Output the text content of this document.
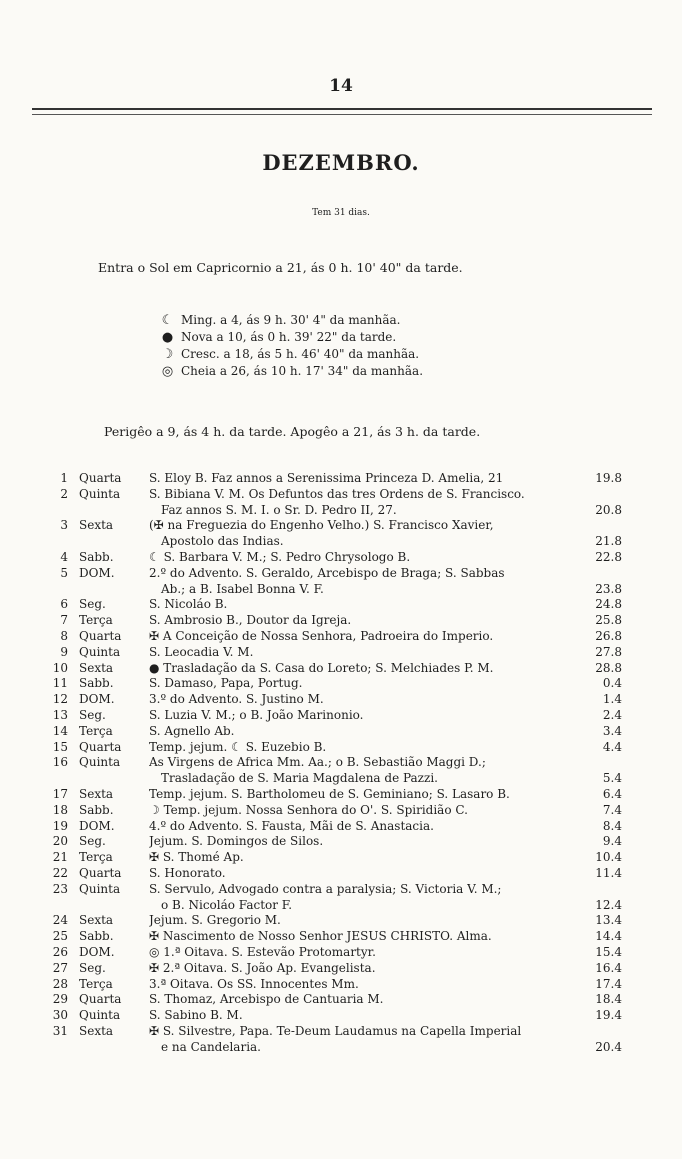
14
DEZEMBRO.
Tem 31 dias.
Entra o Sol em Capricornio a 21, ás 0 h. 10' 40" da tarde.
☾ Ming. a 4, ás 9 h. 30' 4" da manhãa.
● Nova a 10, ás 0 h. 39' 22" da tarde.
☽ Cresc. a 18, ás 5 h. 46' 40" da manhãa.
◎ Cheia a 26, ás 10 h. 17' 34" da manhãa.
Perigêo a 9, ás 4 h. da tarde. Apogêo a 21, ás 3 h. da tarde.
1 Quarta	S. Eloy B. Faz annos a Serenissima Princeza D. Amelia, 21	19.8
2 Quinta	S. Bibiana V. M. Os Defuntos das tres Ordens de S. Francisco.
Faz annos S. M. I. o Sr. D. Pedro II, 27.	20.8
3 Sexta	(✠ na Freguezia do Engenho Velho.) S. Francisco Xavier,
Apostolo das Indias.	21.8
4 Sabb.	☾ S. Barbara V. M.; S. Pedro Chrysologo B.	22.8
5 DOM.	2.º do Advento. S. Geraldo, Arcebispo de Braga; S. Sabbas
Ab.; a B. Isabel Bonna V. F.	23.8
6 Seg.	S. Nicoláo B.	24.8
7 Terça	S. Ambrosio B., Doutor da Igreja.	25.8
8 Quarta	✠ A Conceição de Nossa Senhora, Padroeira do Imperio.	26.8
9 Quinta	S. Leocadia V. M.	27.8
10 Sexta	● Trasladação da S. Casa do Loreto; S. Melchiades P. M.	28.8
11 Sabb.	S. Damaso, Papa, Portug.	0.4
12 DOM.	3.º do Advento. S. Justino M.	1.4
13 Seg.	S. Luzia V. M.; o B. João Marinonio.	2.4
14 Terça	S. Agnello Ab.	3.4
15 Quarta	Temp. jejum. ☾ S. Euzebio B.	4.4
16 Quinta	As Virgens de Africa Mm. Aa.; o B. Sebastião Maggi D.;
Trasladação de S. Maria Magdalena de Pazzi.	5.4
17 Sexta	Temp. jejum. S. Bartholomeu de S. Geminiano; S. Lasaro B.	6.4
18 Sabb.	☽ Temp. jejum. Nossa Senhora do O'. S. Spiridião C.	7.4
19 DOM.	4.º do Advento. S. Fausta, Mãi de S. Anastacia.	8.4
20 Seg.	Jejum. S. Domingos de Silos.	9.4
21 Terça	✠ S. Thomé Ap.	10.4
22 Quarta	S. Honorato.	11.4
23 Quinta	S. Servulo, Advogado contra a paralysia; S. Victoria V. M.;
o B. Nicoláo Factor F.	12.4
24 Sexta	Jejum. S. Gregorio M.	13.4
25 Sabb.	✠ Nascimento de Nosso Senhor JESUS CHRISTO. Alma.	14.4
26 DOM.	◎ 1.ª Oitava. S. Estevão Protomartyr.	15.4
27 Seg.	✠ 2.ª Oitava. S. João Ap. Evangelista.	16.4
28 Terça	3.ª Oitava. Os SS. Innocentes Mm.	17.4
29 Quarta	S. Thomaz, Arcebispo de Cantuaria M.	18.4
30 Quinta	S. Sabino B. M.	19.4
31 Sexta	✠ S. Silvestre, Papa. Te-Deum Laudamus na Capella Imperial
e na Candelaria.	20.4
